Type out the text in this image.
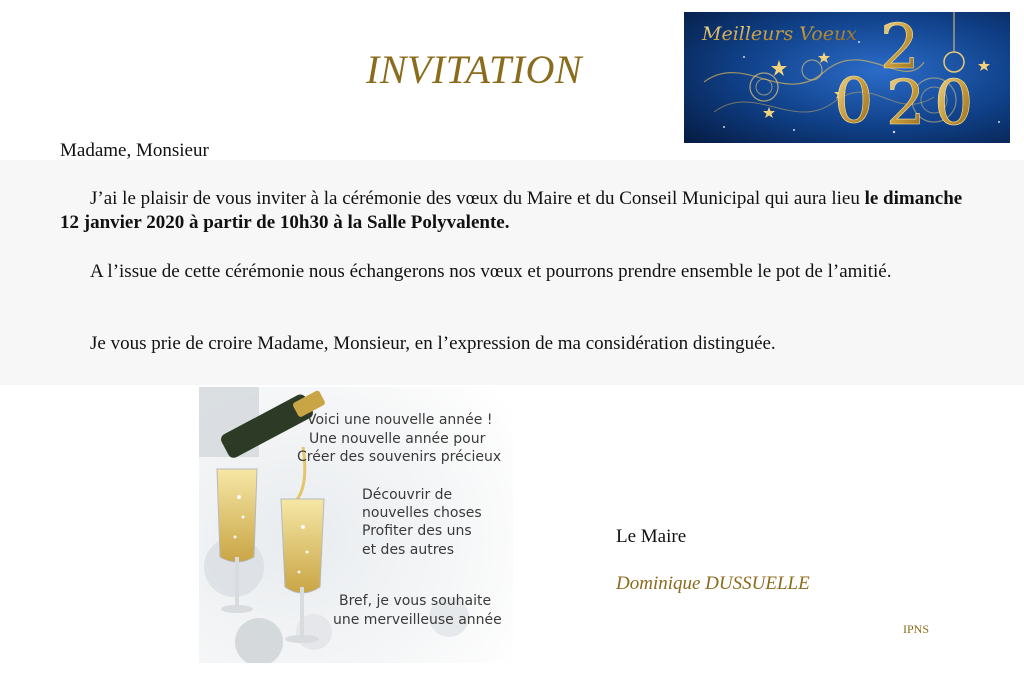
INVITATION
Meilleurs Voeux 2
0 2 0
Madame, Monsieur
J’ai le plaisir de vous inviter à la cérémonie des vœux du Maire et du Conseil Municipal qui aura lieu le dimanche 12 janvier 2020 à partir de 10h30 à la Salle Polyvalente.
A l’issue de cette cérémonie nous échangerons nos vœux et pourrons prendre ensemble le pot de l’amitié.
Je vous prie de croire Madame, Monsieur, en l’expression de ma considération distinguée.
Voici une nouvelle année !
Une nouvelle année pour
Créer des souvenirs précieux
Découvrir de
nouvelles choses
Profiter des uns
et des autres
Bref, je vous souhaite
une merveilleuse année
Le Maire
Dominique DUSSUELLE
IPNS
